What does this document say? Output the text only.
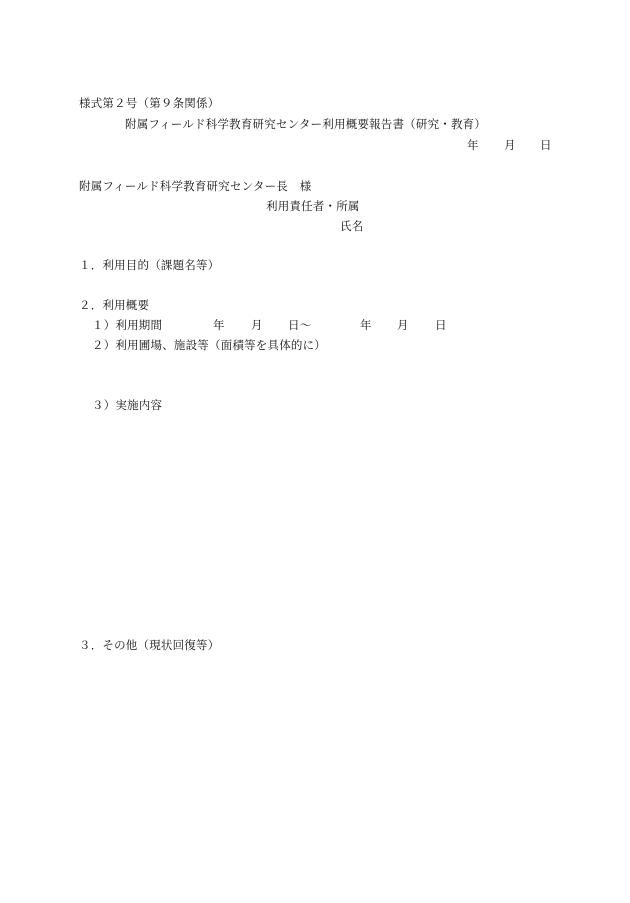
様式第２号（第９条関係）
附属フィールド科学教育研究センター利用概要報告書（研究・教育）
年 月 日
附属フィールド科学教育研究センター長　様
利用責任者・所属
氏名
１．利用目的（課題名等）
２．利用概要
１）利用期間	年 月 日～	年 月 日
２）利用圃場、施設等（面積等を具体的に）
３）実施内容
３．その他（現状回復等）
